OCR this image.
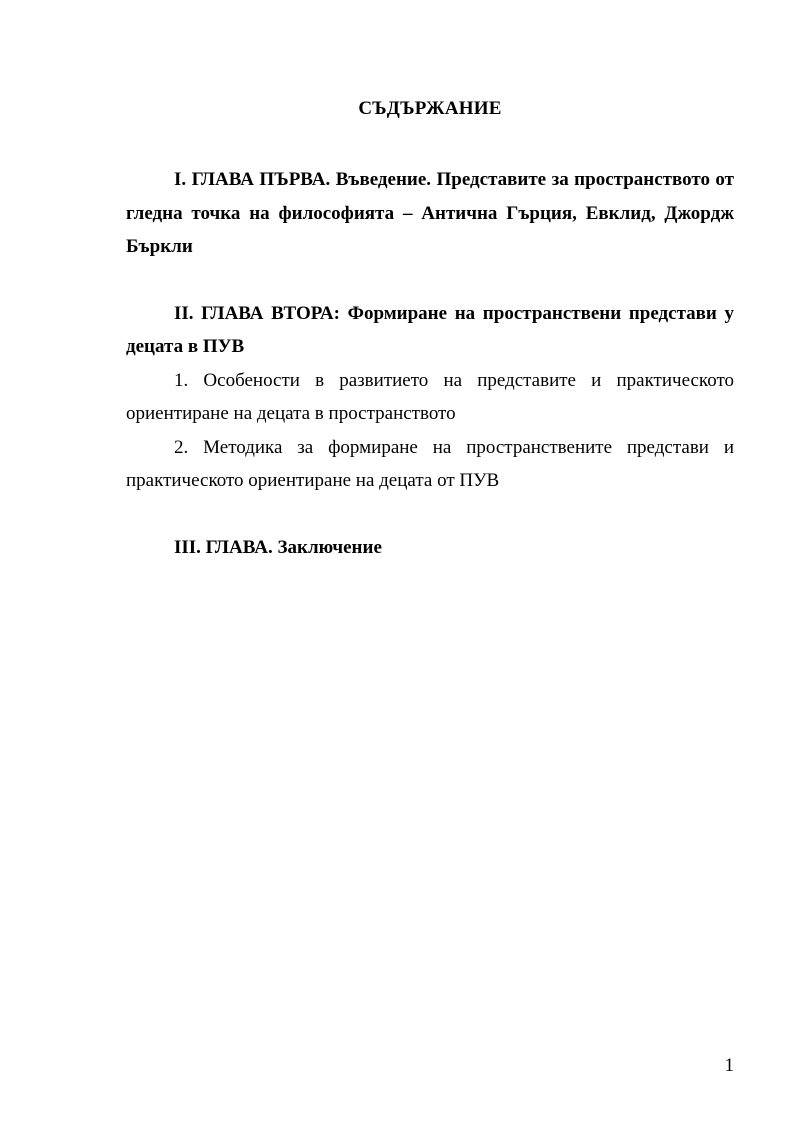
СЪДЪРЖАНИЕ

I. ГЛАВА ПЪРВА. Въведение. Представите за пространството от гледна точка на философията – Антична Гърция, Евклид, Джордж Бъркли

II. ГЛАВА ВТОРА: Формиране на пространствени представи у децата в ПУВ

1. Особености в развитието на представите и практическото ориентиране на децата в пространството

2. Методика за формиране на пространствените представи и практическото ориентиране на децата от ПУВ

III. ГЛАВА. Заключение

1
